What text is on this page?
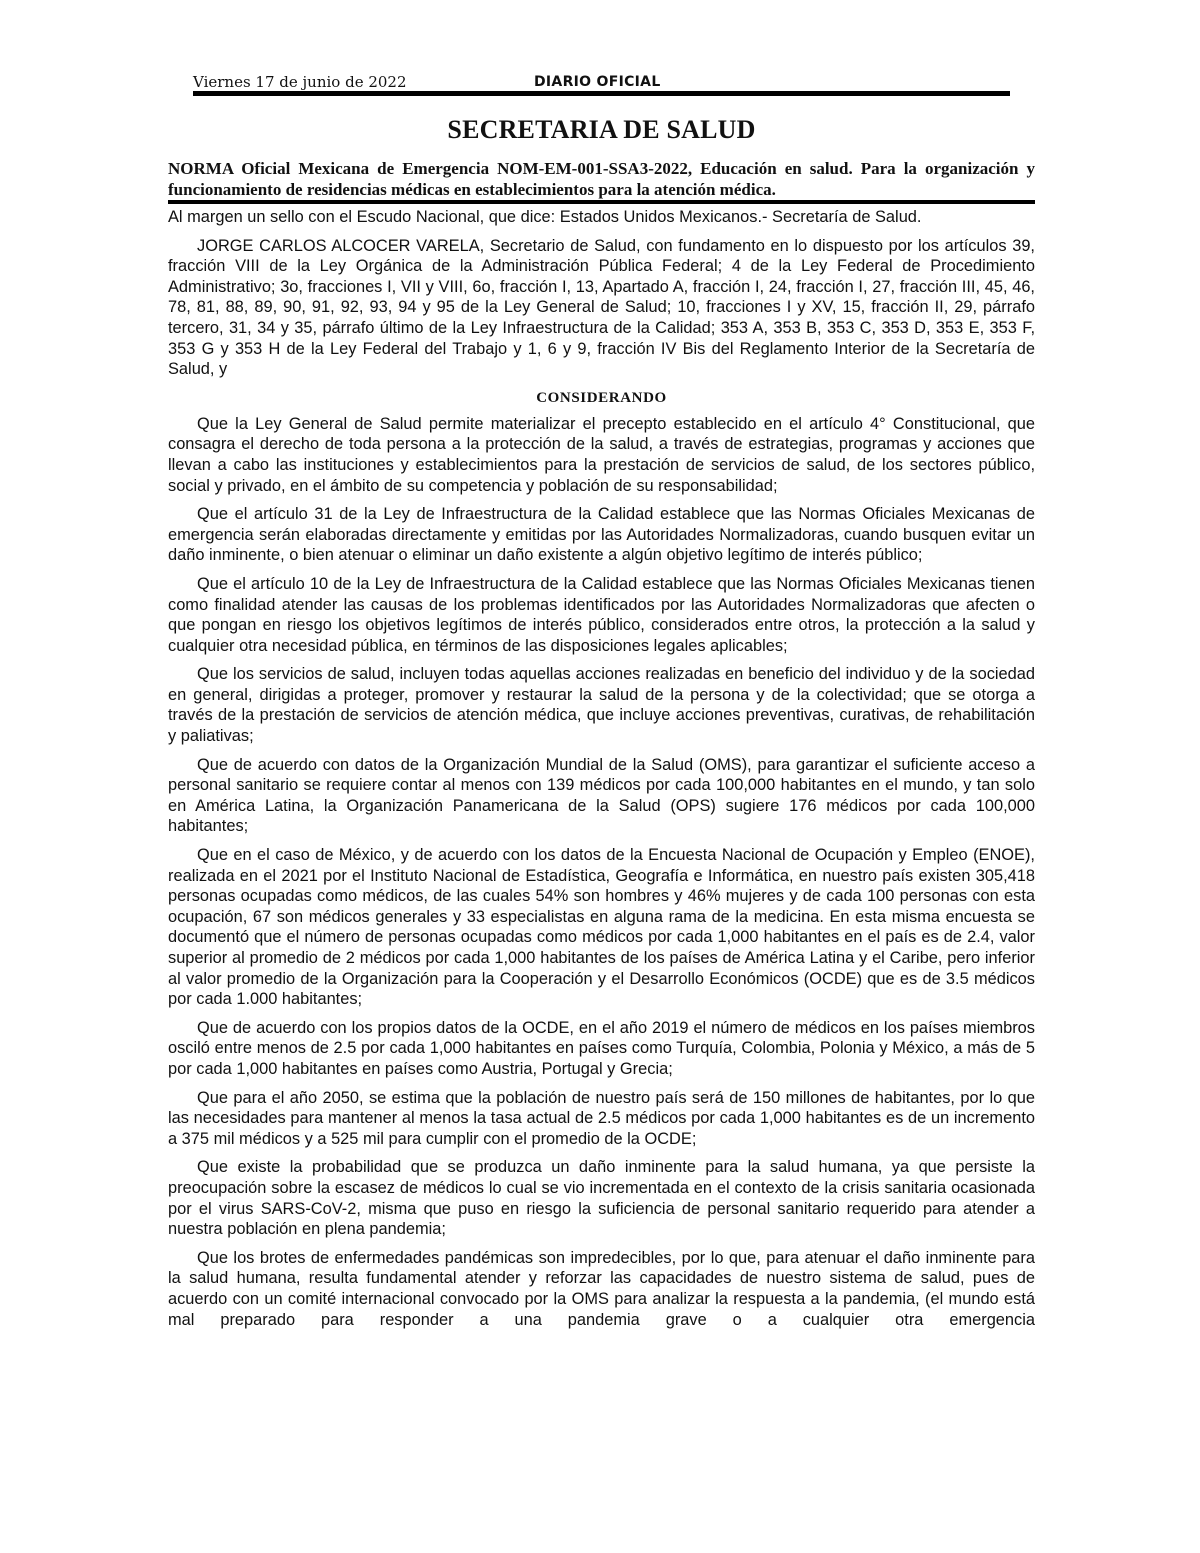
Viernes 17 de junio de 2022	DIARIO OFICIAL
SECRETARIA DE SALUD
NORMA Oficial Mexicana de Emergencia NOM-EM-001-SSA3-2022, Educación en salud. Para la organización y funcionamiento de residencias médicas en establecimientos para la atención médica.

Al margen un sello con el Escudo Nacional, que dice: Estados Unidos Mexicanos.- Secretaría de Salud.

JORGE CARLOS ALCOCER VARELA, Secretario de Salud, con fundamento en lo dispuesto por los artículos 39, fracción VIII de la Ley Orgánica de la Administración Pública Federal; 4 de la Ley Federal de Procedimiento Administrativo; 3o, fracciones I, VII y VIII, 6o, fracción I, 13, Apartado A, fracción I, 24, fracción I, 27, fracción III, 45, 46, 78, 81, 88, 89, 90, 91, 92, 93, 94 y 95 de la Ley General de Salud; 10, fracciones I y XV, 15, fracción II, 29, párrafo tercero, 31, 34 y 35, párrafo último de la Ley Infraestructura de la Calidad; 353 A, 353 B, 353 C, 353 D, 353 E, 353 F, 353 G y 353 H de la Ley Federal del Trabajo y 1, 6 y 9, fracción IV Bis del Reglamento Interior de la Secretaría de Salud, y

CONSIDERANDO

Que la Ley General de Salud permite materializar el precepto establecido en el artículo 4° Constitucional, que consagra el derecho de toda persona a la protección de la salud, a través de estrategias, programas y acciones que llevan a cabo las instituciones y establecimientos para la prestación de servicios de salud, de los sectores público, social y privado, en el ámbito de su competencia y población de su responsabilidad;

Que el artículo 31 de la Ley de Infraestructura de la Calidad establece que las Normas Oficiales Mexicanas de emergencia serán elaboradas directamente y emitidas por las Autoridades Normalizadoras, cuando busquen evitar un daño inminente, o bien atenuar o eliminar un daño existente a algún objetivo legítimo de interés público;

Que el artículo 10 de la Ley de Infraestructura de la Calidad establece que las Normas Oficiales Mexicanas tienen como finalidad atender las causas de los problemas identificados por las Autoridades Normalizadoras que afecten o que pongan en riesgo los objetivos legítimos de interés público, considerados entre otros, la protección a la salud y cualquier otra necesidad pública, en términos de las disposiciones legales aplicables;

Que los servicios de salud, incluyen todas aquellas acciones realizadas en beneficio del individuo y de la sociedad en general, dirigidas a proteger, promover y restaurar la salud de la persona y de la colectividad; que se otorga a través de la prestación de servicios de atención médica, que incluye acciones preventivas, curativas, de rehabilitación y paliativas;

Que de acuerdo con datos de la Organización Mundial de la Salud (OMS), para garantizar el suficiente acceso a personal sanitario se requiere contar al menos con 139 médicos por cada 100,000 habitantes en el mundo, y tan solo en América Latina, la Organización Panamericana de la Salud (OPS) sugiere 176 médicos por cada 100,000 habitantes;

Que en el caso de México, y de acuerdo con los datos de la Encuesta Nacional de Ocupación y Empleo (ENOE), realizada en el 2021 por el Instituto Nacional de Estadística, Geografía e Informática, en nuestro país existen 305,418 personas ocupadas como médicos, de las cuales 54% son hombres y 46% mujeres y de cada 100 personas con esta ocupación, 67 son médicos generales y 33 especialistas en alguna rama de la medicina. En esta misma encuesta se documentó que el número de personas ocupadas como médicos por cada 1,000 habitantes en el país es de 2.4, valor superior al promedio de 2 médicos por cada 1,000 habitantes de los países de América Latina y el Caribe, pero inferior al valor promedio de la Organización para la Cooperación y el Desarrollo Económicos (OCDE) que es de 3.5 médicos por cada 1.000 habitantes;

Que de acuerdo con los propios datos de la OCDE, en el año 2019 el número de médicos en los países miembros osciló entre menos de 2.5 por cada 1,000 habitantes en países como Turquía, Colombia, Polonia y México, a más de 5 por cada 1,000 habitantes en países como Austria, Portugal y Grecia;

Que para el año 2050, se estima que la población de nuestro país será de 150 millones de habitantes, por lo que las necesidades para mantener al menos la tasa actual de 2.5 médicos por cada 1,000 habitantes es de un incremento a 375 mil médicos y a 525 mil para cumplir con el promedio de la OCDE;

Que existe la probabilidad que se produzca un daño inminente para la salud humana, ya que persiste la preocupación sobre la escasez de médicos lo cual se vio incrementada en el contexto de la crisis sanitaria ocasionada por el virus SARS-CoV-2, misma que puso en riesgo la suficiencia de personal sanitario requerido para atender a nuestra población en plena pandemia;

Que los brotes de enfermedades pandémicas son impredecibles, por lo que, para atenuar el daño inminente para la salud humana, resulta fundamental atender y reforzar las capacidades de nuestro sistema de salud, pues de acuerdo con un comité internacional convocado por la OMS para analizar la respuesta a la pandemia, (el mundo está mal preparado para responder a una pandemia grave o a cualquier otra emergencia
